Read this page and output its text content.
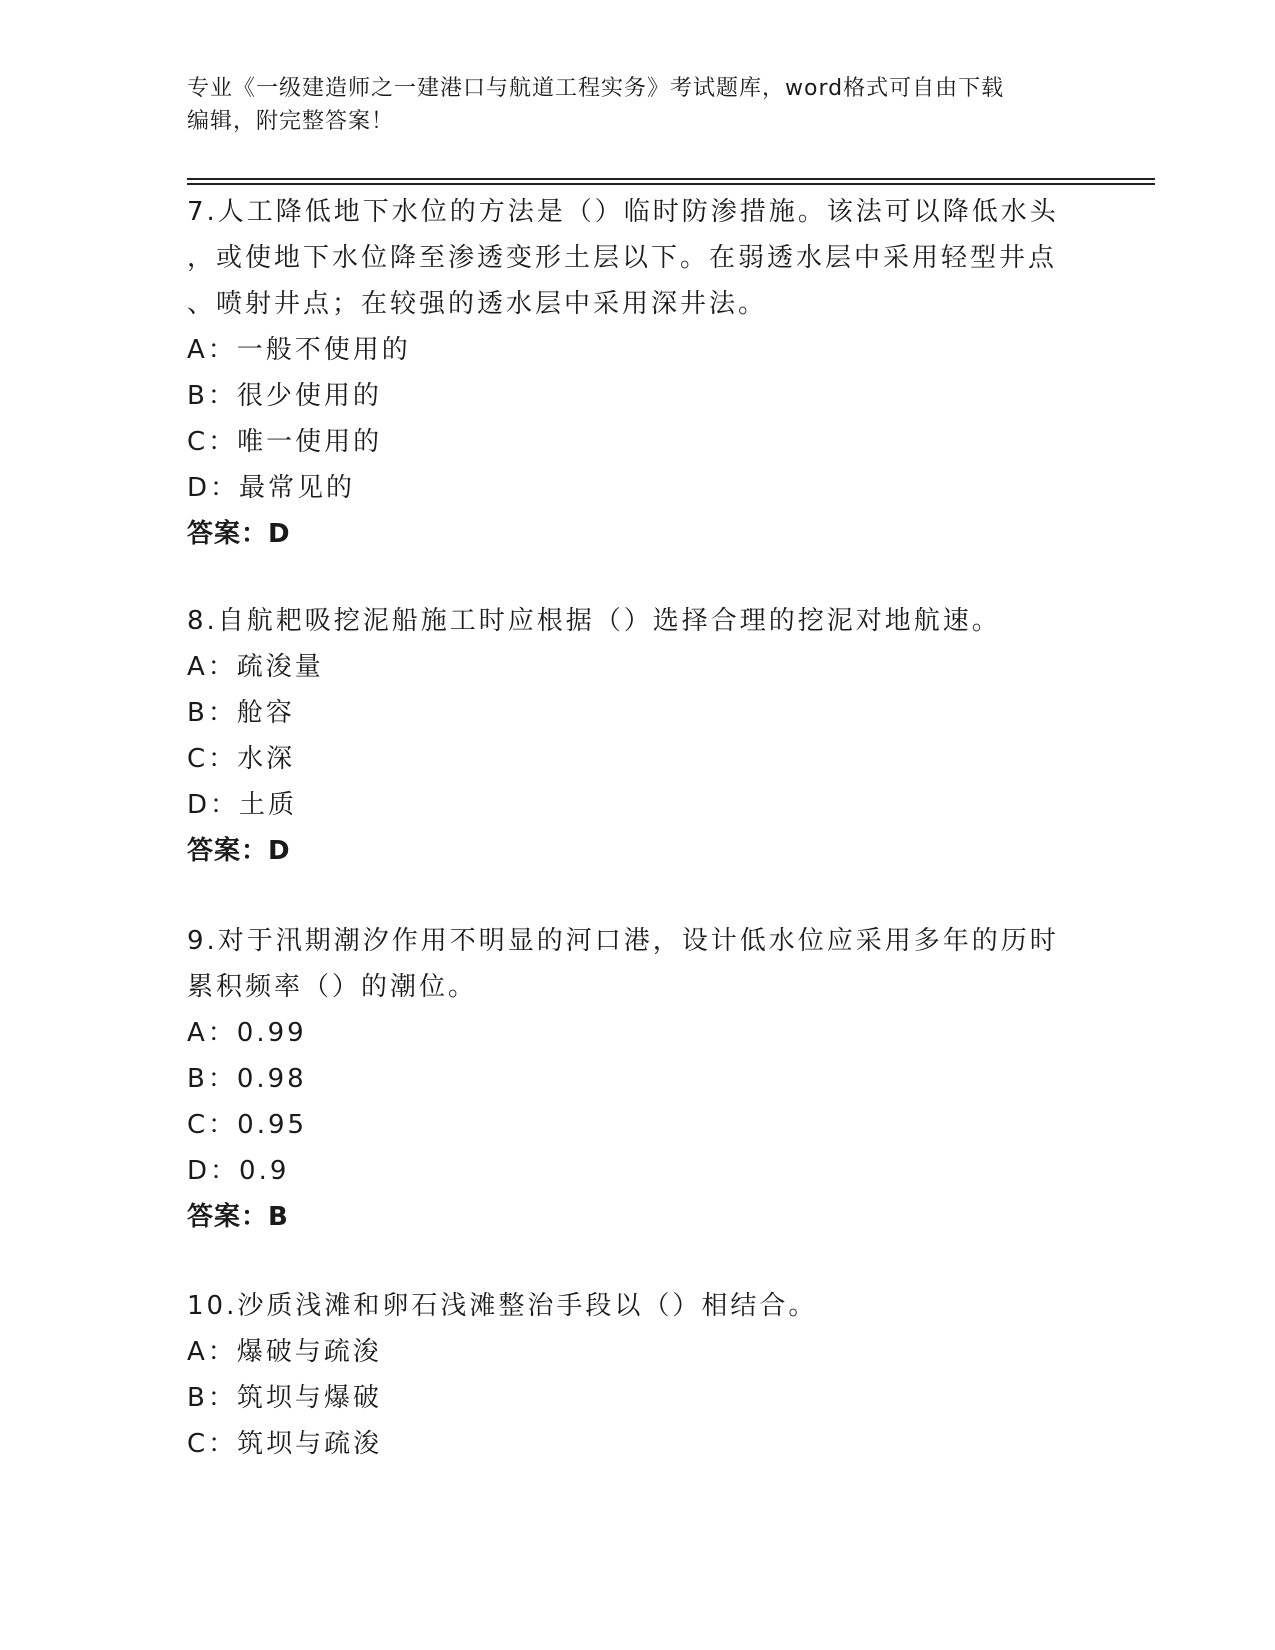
专业《一级建造师之一建港口与航道工程实务》考试题库，word格式可自由下载
编辑，附完整答案！
7.人工降低地下水位的方法是（）临时防渗措施。该法可以降低水头
，或使地下水位降至渗透变形土层以下。在弱透水层中采用轻型井点
、喷射井点；在较强的透水层中采用深井法。
A：一般不使用的
B：很少使用的
C：唯一使用的
D：最常见的
答案：D
8.自航耙吸挖泥船施工时应根据（）选择合理的挖泥对地航速。
A：疏浚量
B：舱容
C：水深
D：土质
答案：D
9.对于汛期潮汐作用不明显的河口港，设计低水位应采用多年的历时
累积频率（）的潮位。
A：0.99
B：0.98
C：0.95
D：0.9
答案：B
10.沙质浅滩和卵石浅滩整治手段以（）相结合。
A：爆破与疏浚
B：筑坝与爆破
C：筑坝与疏浚
